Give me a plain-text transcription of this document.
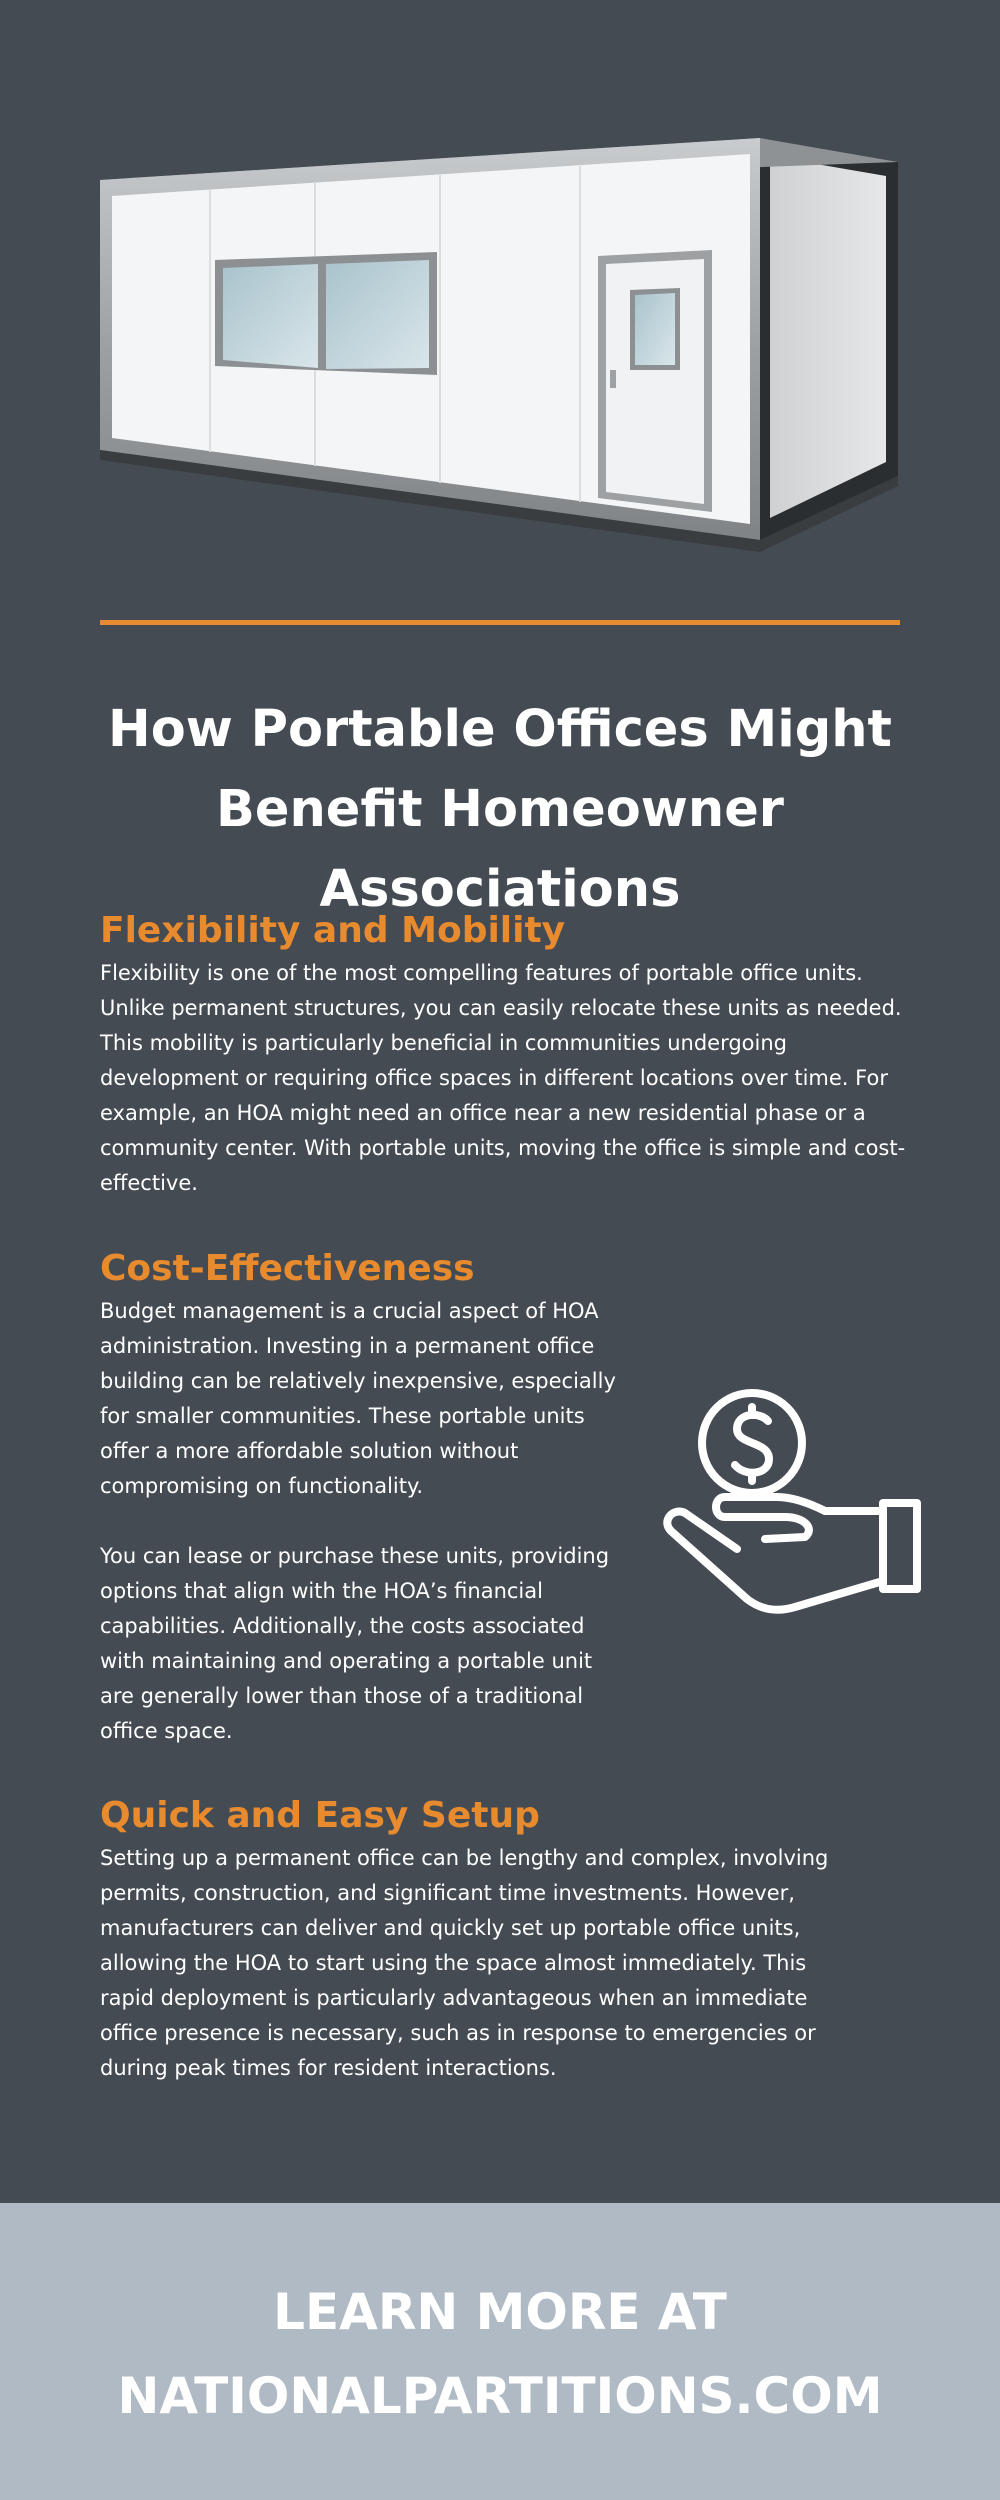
How Portable Offices Might
Benefit Homeowner Associations
Flexibility and Mobility

Flexibility is one of the most compelling features of portable office units. Unlike permanent structures, you can easily relocate these units as needed. This mobility is particularly beneficial in communities undergoing development or requiring office spaces in different locations over time. For example, an HOA might need an office near a new residential phase or a community center. With portable units, moving the office is simple and cost-effective.

Cost-Effectiveness

Budget management is a crucial aspect of HOA administration. Investing in a permanent office building can be relatively inexpensive, especially for smaller communities. These portable units offer a more affordable solution without compromising on functionality.

You can lease or purchase these units, providing options that align with the HOA’s financial capabilities. Additionally, the costs associated with maintaining and operating a portable unit are generally lower than those of a traditional office space.

Quick and Easy Setup

Setting up a permanent office can be lengthy and complex, involving permits, construction, and significant time investments. However, manufacturers can deliver and quickly set up portable office units, allowing the HOA to start using the space almost immediately. This rapid deployment is particularly advantageous when an immediate office presence is necessary, such as in response to emergencies or during peak times for resident interactions.

LEARN MORE AT
NATIONALPARTITIONS.COM
